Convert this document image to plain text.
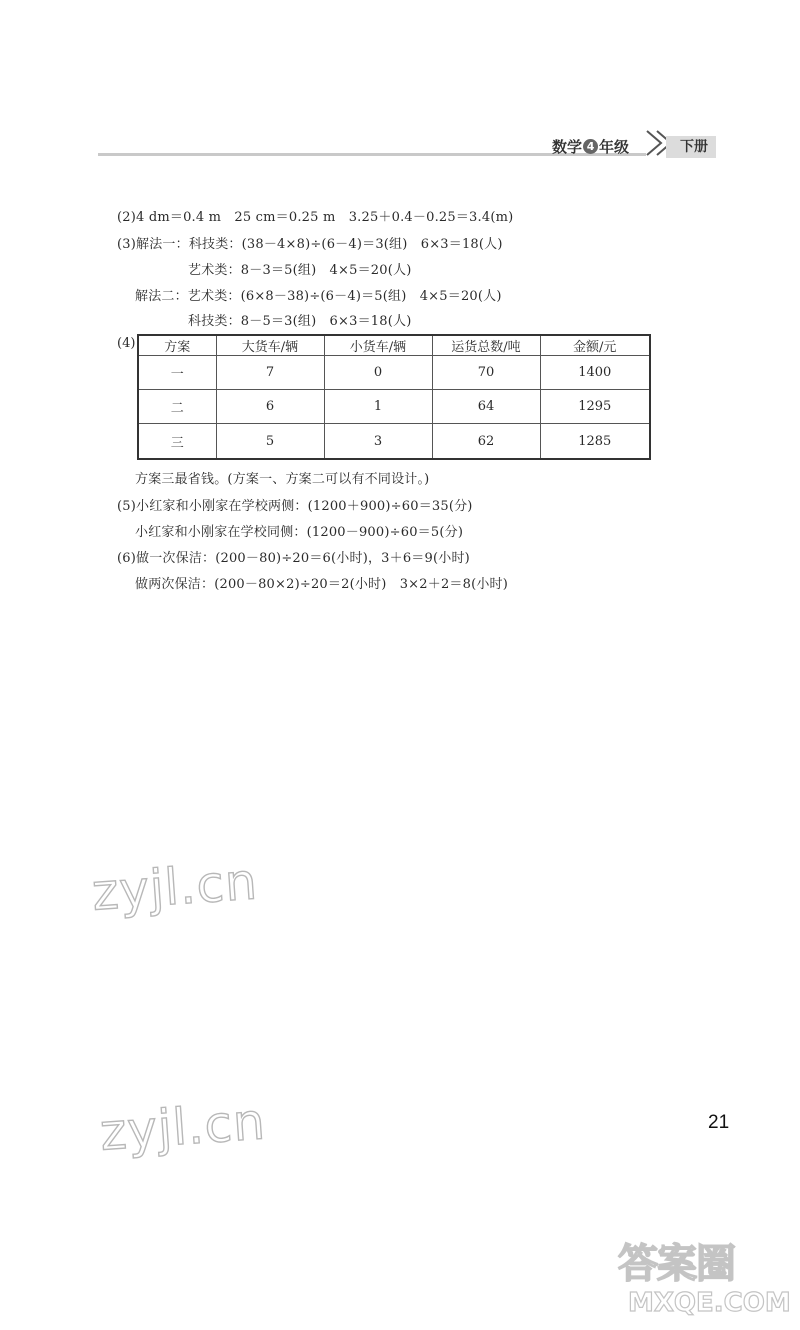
数学 4 年级	下册
(2)4 dm＝0.4 m　25 cm＝0.25 m　3.25＋0.4－0.25＝3.4(m)
(3)解法一：科技类：(38－4×8)÷(6－4)＝3(组)　6×3＝18(人)
艺术类：8－3＝5(组)　4×5＝20(人)
解法二：艺术类：(6×8－38)÷(6－4)＝5(组)　4×5＝20(人)
科技类：8－5＝3(组)　6×3＝18(人)
(4) 方案	大货车/辆	小货车/辆	运货总数/吨	金额/元
一	7	0	70	1400
二	6	1	64	1295
三	5	3	62	1285
方案三最省钱。(方案一、方案二可以有不同设计。)
(5)小红家和小刚家在学校两侧：(1200＋900)÷60＝35(分)
小红家和小刚家在学校同侧：(1200－900)÷60＝5(分)
(6)做一次保洁：(200－80)÷20＝6(小时)，3＋6＝9(小时)
做两次保洁：(200－80×2)÷20＝2(小时)　3×2＋2＝8(小时)
zyjl.cn
zyjl.cn	21
答案圈
MXQE.COM
